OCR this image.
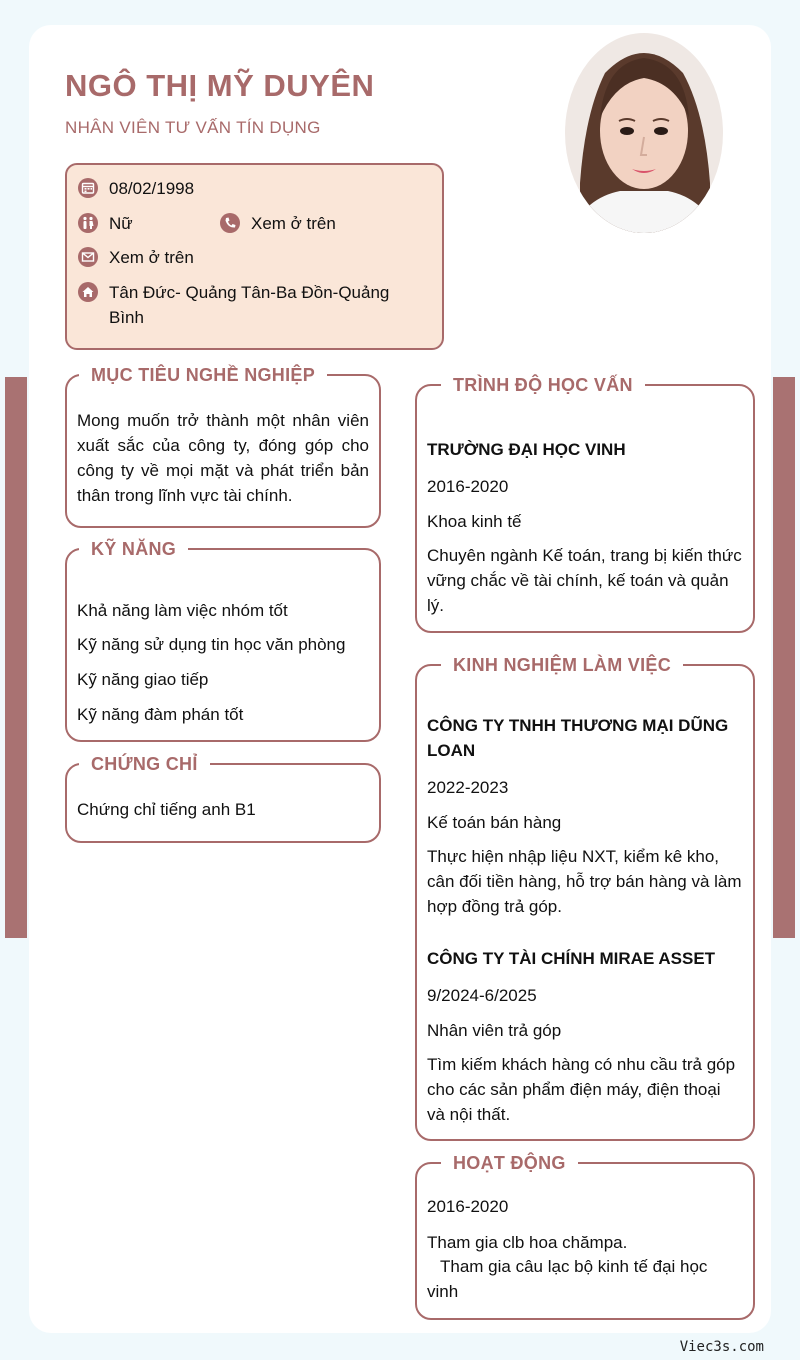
NGÔ THỊ MỸ DUYÊN
NHÂN VIÊN TƯ VẤN TÍN DỤNG
08/02/1998
Nữ	Xem ở trên
Xem ở trên
Tân Đức- Quảng Tân-Ba Đồn-Quảng Bình
MỤC TIÊU NGHỀ NGHIỆP
Mong muốn trở thành một nhân viên xuất sắc của công ty, đóng góp cho công ty về mọi mặt và phát triển bản thân trong lĩnh vực tài chính.
KỸ NĂNG
Khả năng làm việc nhóm tốt
Kỹ năng sử dụng tin học văn phòng
Kỹ năng giao tiếp
Kỹ năng đàm phán tốt
CHỨNG CHỈ
Chứng chỉ tiếng anh B1
TRÌNH ĐỘ HỌC VẤN
TRƯỜNG ĐẠI HỌC VINH
2016-2020
Khoa kinh tế
Chuyên ngành Kế toán, trang bị kiến thức vững chắc về tài chính, kế toán và quản lý.
KINH NGHIỆM LÀM VIỆC
CÔNG TY TNHH THƯƠNG MẠI DŨNG LOAN
2022-2023
Kế toán bán hàng
Thực hiện nhập liệu NXT, kiểm kê kho, cân đối tiền hàng, hỗ trợ bán hàng và làm hợp đồng trả góp.
CÔNG TY TÀI CHÍNH MIRAE ASSET
9/2024-6/2025
Nhân viên trả góp
Tìm kiếm khách hàng có nhu cầu trả góp cho các sản phẩm điện máy, điện thoại và nội thất.
HOẠT ĐỘNG
2016-2020
Tham gia clb hoa chămpa.
Tham gia câu lạc bộ kinh tế đại học vinh
Viec3s.com
